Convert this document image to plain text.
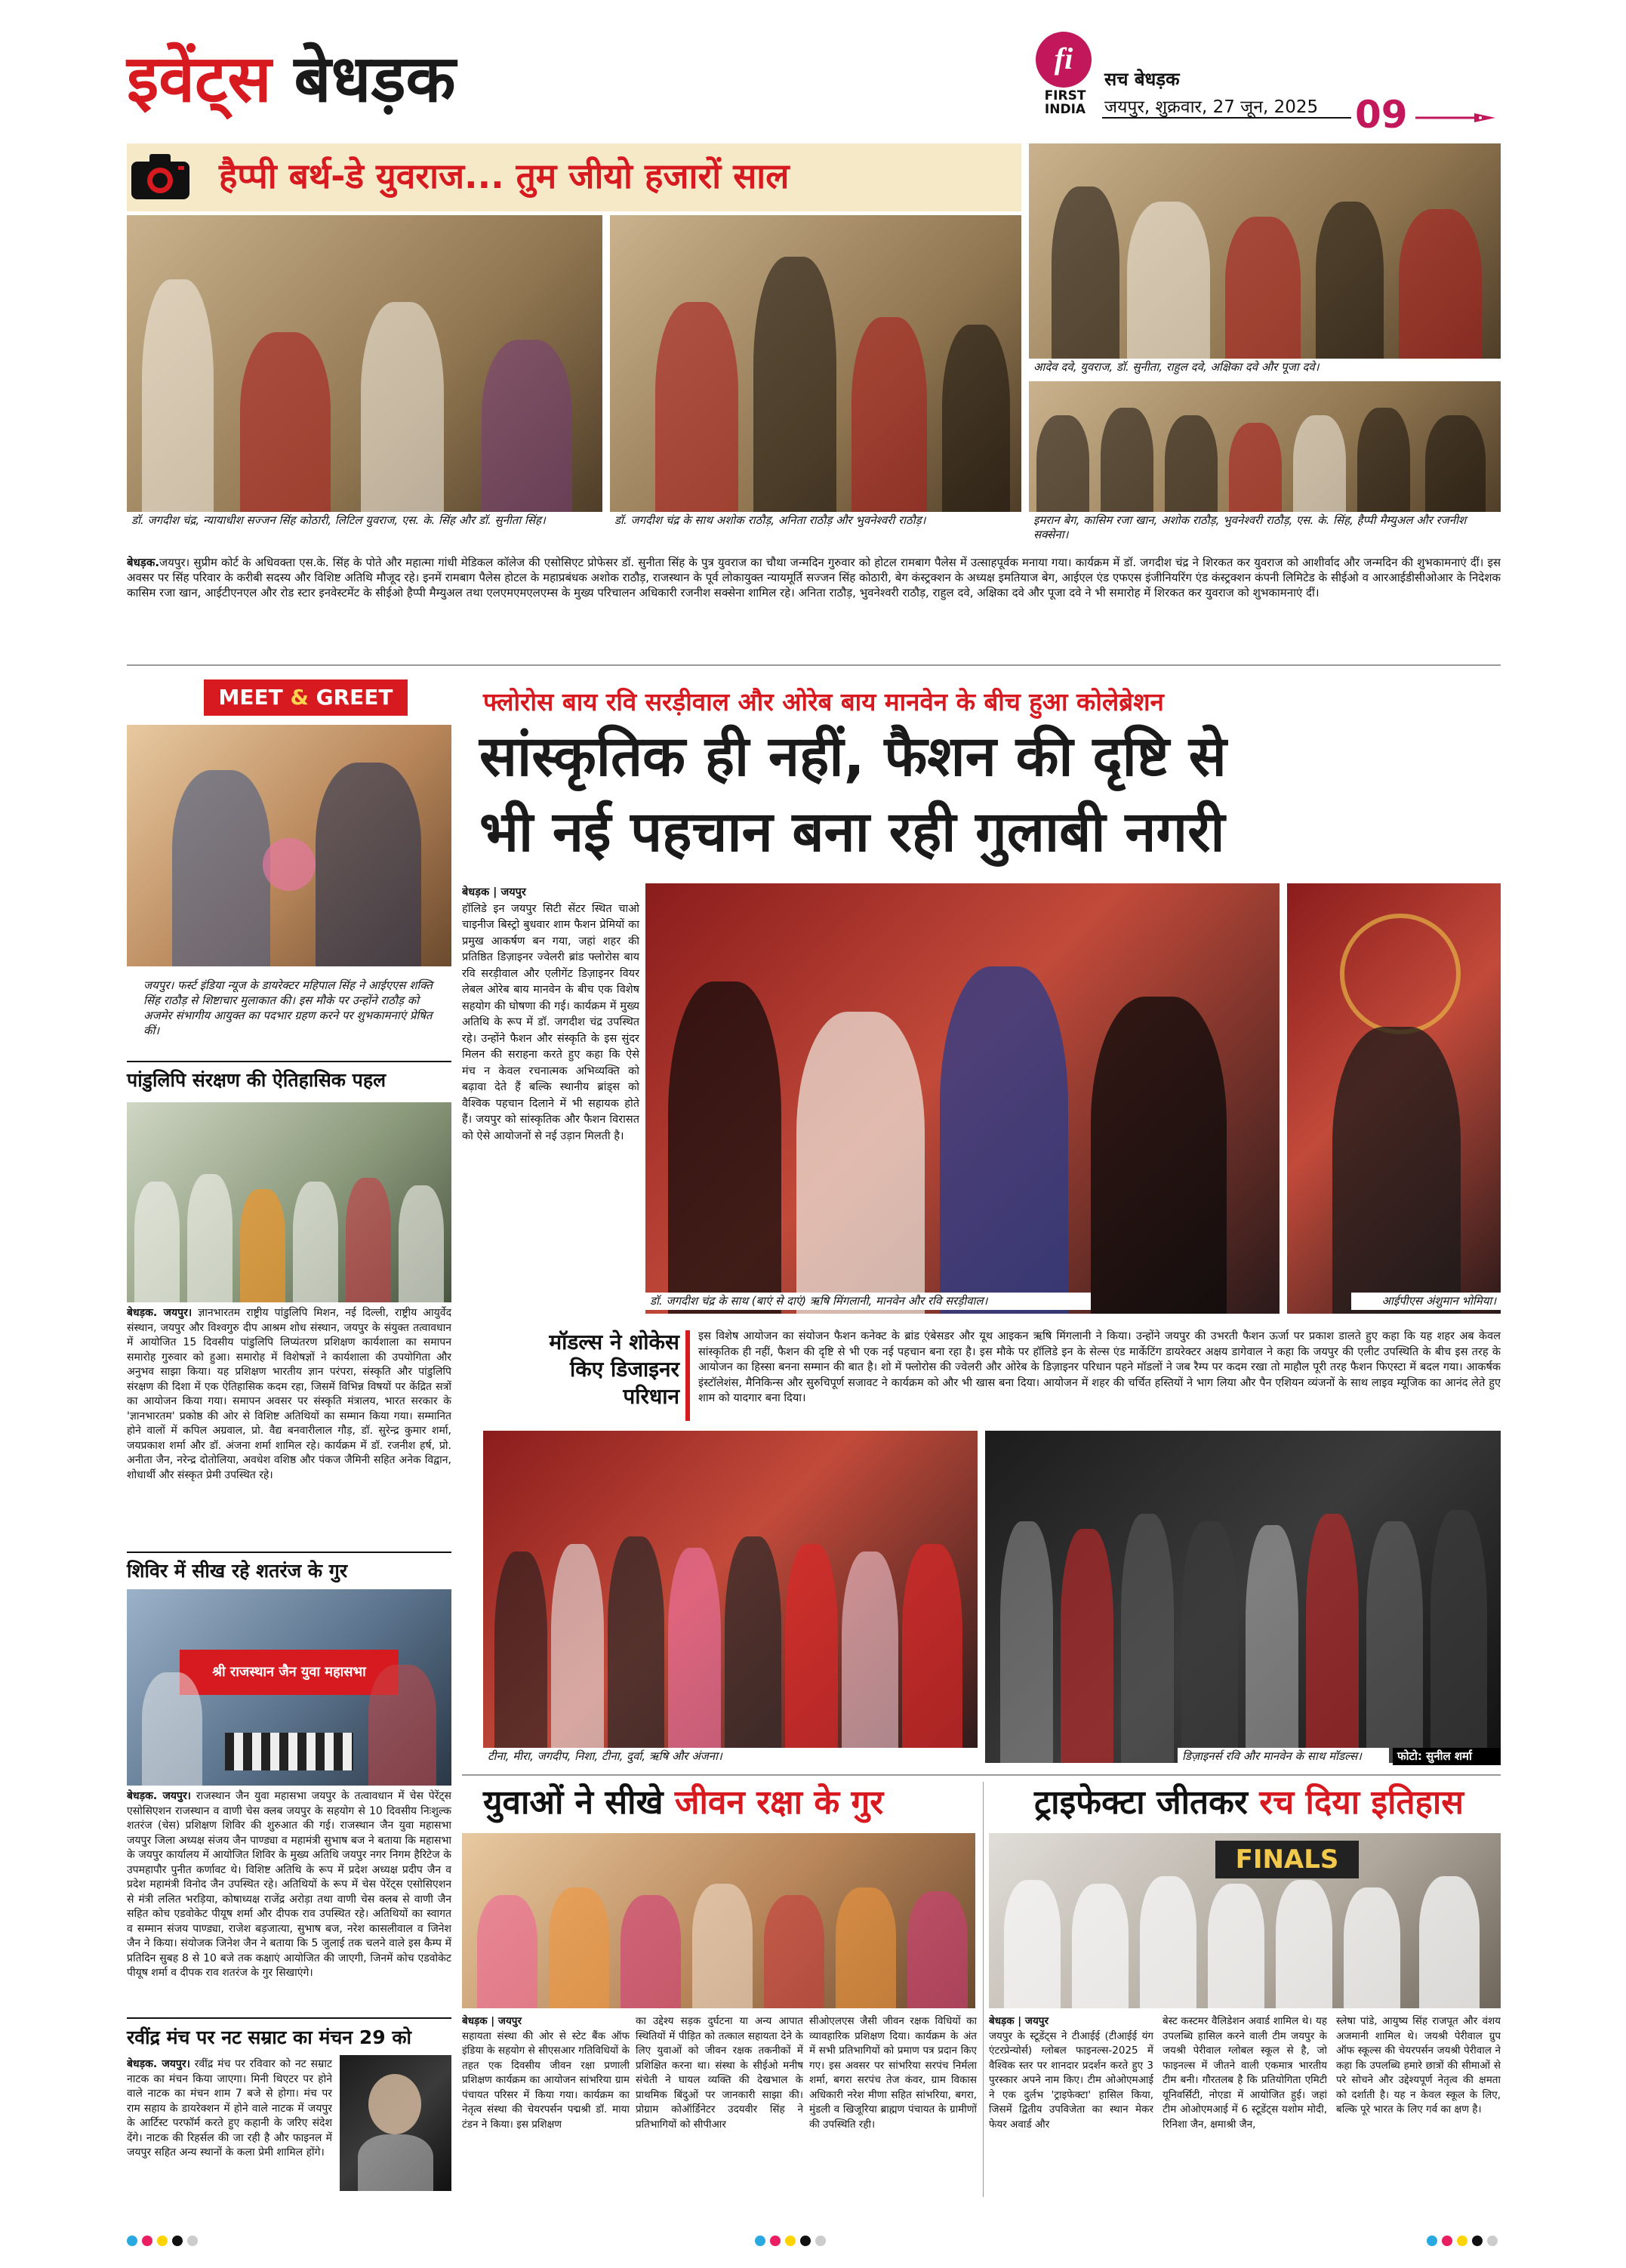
इवेंट्स बेधड़क	fi
FIRST
INDIA
सच बेधड़क
जयपुर, शुक्रवार, 27 जून, 2025 09
हैप्पी बर्थ-डे युवराज... तुम जीयो हजारों साल
डॉ. जगदीश चंद्र, न्यायाधीश सज्जन सिंह कोठारी, लिटिल युवराज, एस. के. सिंह और डॉ. सुनीता सिंह।	डॉ. जगदीश चंद्र के साथ अशोक राठौड़, अनिता राठौड़ और भुवनेश्वरी राठौड़।
आदेव दवे, युवराज, डॉ. सुनीता, राहुल दवे, अक्षिका दवे और पूजा दवे।
इमरान बेग, कासिम रजा खान, अशोक राठौड़, भुवनेश्वरी राठौड़, एस. के. सिंह, हैप्पी मैम्युअल और रजनीश सक्सेना।
बेधड़क.जयपुर। सुप्रीम कोर्ट के अधिवक्ता एस.के. सिंह के पोते और महात्मा गांधी मेडिकल कॉलेज की एसोसिएट प्रोफेसर डॉ. सुनीता सिंह के पुत्र युवराज का चौथा जन्मदिन गुरुवार को होटल रामबाग पैलेस में उत्साहपूर्वक मनाया गया। कार्यक्रम में डॉ. जगदीश चंद्र ने शिरकत कर युवराज को आशीर्वाद और जन्मदिन की शुभकामनाएं दीं। इस अवसर पर सिंह परिवार के करीबी सदस्य और विशिष्ट अतिथि मौजूद रहे। इनमें रामबाग पैलेस होटल के महाप्रबंधक अशोक राठौड़, राजस्थान के पूर्व लोकायुक्त न्यायमूर्ति सज्जन सिंह कोठारी, बेग कंस्ट्रक्शन के अध्यक्ष इमतियाज बेग, आईएल एंड एफएस इंजीनियरिंग एंड कंस्ट्रक्शन कंपनी लिमिटेड के सीईओ व आरआईडीसीओआर के निदेशक कासिम रजा खान, आईटीएनएल और रोड स्टार इनवेस्टमेंट के सीईओ हैप्पी मैम्युअल तथा एलएमएमएलएम्स के मुख्य परिचालन अधिकारी रजनीश सक्सेना शामिल रहे। अनिता राठौड़, भुवनेश्वरी राठौड़, राहुल दवे, अक्षिका दवे और पूजा दवे ने भी समारोह में शिरकत कर युवराज को शुभकामनाएं दीं।
MEET & GREET
जयपुर। फर्स्ट इंडिया न्यूज के डायरेक्टर महिपाल सिंह ने आईएएस शक्ति सिंह राठौड़ से शिष्टाचार मुलाकात की। इस मौके पर उन्होंने राठौड़ को अजमेर संभागीय आयुक्त का पदभार ग्रहण करने पर शुभकामनाएं प्रेषित कीं।
पांडुलिपि संरक्षण की ऐतिहासिक पहल
बेधड़क. जयपुर। ज्ञानभारतम राष्ट्रीय पांडुलिपि मिशन, नई दिल्ली, राष्ट्रीय आयुर्वेद संस्थान, जयपुर और विश्वगुरु दीप आश्रम शोध संस्थान, जयपुर के संयुक्त तत्वावधान में आयोजित 15 दिवसीय पांडुलिपि लिप्यंतरण प्रशिक्षण कार्यशाला का समापन समारोह गुरुवार को हुआ। समारोह में विशेषज्ञों ने कार्यशाला की उपयोगिता और अनुभव साझा किया। यह प्रशिक्षण भारतीय ज्ञान परंपरा, संस्कृति और पांडुलिपि संरक्षण की दिशा में एक ऐतिहासिक कदम रहा, जिसमें विभिन्न विषयों पर केंद्रित सत्रों का आयोजन किया गया। समापन अवसर पर संस्कृति मंत्रालय, भारत सरकार के 'ज्ञानभारतम' प्रकोष्ठ की ओर से विशिष्ट अतिथियों का सम्मान किया गया। सम्मानित होने वालों में कपिल अग्रवाल, प्रो. वैद्य बनवारीलाल गौड़, डॉ. सुरेन्द्र कुमार शर्मा, जयप्रकाश शर्मा और डॉ. अंजना शर्मा शामिल रहे। कार्यक्रम में डॉ. रजनीश हर्ष, प्रो. अनीता जैन, नरेन्द्र दोतोलिया, अवधेश वशिष्ठ और पंकज जैमिनी सहित अनेक विद्वान, शोधार्थी और संस्कृत प्रेमी उपस्थित रहे।
शिविर में सीख रहे शतरंज के गुर
श्री राजस्थान जैन युवा महासभा
बेधड़क. जयपुर। राजस्थान जैन युवा महासभा जयपुर के तत्वावधान में चेस पेरेंट्स एसोसिएशन राजस्थान व वाणी चेस क्लब जयपुर के सहयोग से 10 दिवसीय निःशुल्क शतरंज (चेस) प्रशिक्षण शिविर की शुरुआत की गई। राजस्थान जैन युवा महासभा जयपुर जिला अध्यक्ष संजय जैन पाण्ड्या व महामंत्री सुभाष बज ने बताया कि महासभा के जयपुर कार्यालय में आयोजित शिविर के मुख्य अतिथि जयपुर नगर निगम हैरिटेज के उपमहापौर पुनीत कर्णावट थे। विशिष्ट अतिथि के रूप में प्रदेश अध्यक्ष प्रदीप जैन व प्रदेश महामंत्री विनोद जैन उपस्थित रहे। अतिथियों के रूप में चेस पेरेंट्स एसोसिएशन से मंत्री ललित भरड़िया, कोषाध्यक्ष राजेंद्र अरोड़ा तथा वाणी चेस क्लब से वाणी जैन सहित कोच एडवोकेट पीयूष शर्मा और दीपक राव उपस्थित रहे। अतिथियों का स्वागत व सम्मान संजय पाण्ड्या, राजेश बड़जात्या, सुभाष बज, नरेश कासलीवाल व जिनेश जैन ने किया। संयोजक जिनेश जैन ने बताया कि 5 जुलाई तक चलने वाले इस कैम्प में प्रतिदिन सुबह 8 से 10 बजे तक कक्षाएं आयोजित की जाएगी, जिनमें कोच एडवोकेट पीयूष शर्मा व दीपक राव शतरंज के गुर सिखाएंगे।
रवींद्र मंच पर नट सम्राट का मंचन 29 को
बेधड़क. जयपुर। रवींद्र मंच पर रविवार को नट सम्राट नाटक का मंचन किया जाएगा। मिनी थिएटर पर होने वाले नाटक का मंचन शाम 7 बजे से होगा। मंच पर राम सहाय के डायरेक्शन में होने वाले नाटक में जयपुर के आर्टिस्ट परफॉर्म करते हुए कहानी के जरिए संदेश देंगे। नाटक की रिहर्सल की जा रही है और फाइनल में जयपुर सहित अन्य स्थानों के कला प्रेमी शामिल होंगे।
फ्लोरोस बाय रवि सरड़ीवाल और ओरेब बाय मानवेन के बीच हुआ कोलेब्रेशन
सांस्कृतिक ही नहीं, फैशन की दृष्टि से
भी नई पहचान बना रही गुलाबी नगरी
बेधड़क | जयपुर
हॉलिडे इन जयपुर सिटी सेंटर स्थित चाओ चाइनीज बिस्ट्रो बुधवार शाम फैशन प्रेमियों का प्रमुख आकर्षण बन गया, जहां शहर की प्रतिष्ठित डिज़ाइनर ज्वेलरी ब्रांड फ्लोरोस बाय रवि सरड़ीवाल और एलीगेंट डिज़ाइनर वियर लेबल ओरेब बाय मानवेन के बीच एक विशेष सहयोग की घोषणा की गई। कार्यक्रम में मुख्य अतिथि के रूप में डॉ. जगदीश चंद्र उपस्थित रहे। उन्होंने फैशन और संस्कृति के इस सुंदर मिलन की सराहना करते हुए कहा कि ऐसे मंच न केवल रचनात्मक अभिव्यक्ति को बढ़ावा देते हैं बल्कि स्थानीय ब्रांड्स को वैश्विक पहचान दिलाने में भी सहायक होते हैं। जयपुर को सांस्कृतिक और फैशन विरासत को ऐसे आयोजनों से नई उड़ान मिलती है।
डॉ. जगदीश चंद्र के साथ (बाएं से दाएं) ऋषि मिंगलानी, मानवेन और रवि सरड़ीवाल।	आईपीएस अंशुमान भोमिया।
मॉडल्स ने शोकेस
किए डिजाइनर
परिधान
इस विशेष आयोजन का संयोजन फैशन कनेक्ट के ब्रांड एंबेसडर और यूथ आइकन ऋषि मिंगलानी ने किया। उन्होंने जयपुर की उभरती फैशन ऊर्जा पर प्रकाश डालते हुए कहा कि यह शहर अब केवल सांस्कृतिक ही नहीं, फैशन की दृष्टि से भी एक नई पहचान बना रहा है। इस मौके पर हॉलिडे इन के सेल्स एंड मार्केटिंग डायरेक्टर अक्षय डागेवाल ने कहा कि जयपुर की एलीट उपस्थिति के बीच इस तरह के आयोजन का हिस्सा बनना सम्मान की बात है। शो में फ्लोरोस की ज्वेलरी और ओरेब के डिज़ाइनर परिधान पहने मॉडलों ने जब रैम्प पर कदम रखा तो माहौल पूरी तरह फैशन फिएस्टा में बदल गया। आकर्षक इंस्टॉलेशंस, मैनिकिन्स और सुरुचिपूर्ण सजावट ने कार्यक्रम को और भी खास बना दिया। आयोजन में शहर की चर्चित हस्तियों ने भाग लिया और पैन एशियन व्यंजनों के साथ लाइव म्यूजिक का आनंद लेते हुए शाम को यादगार बना दिया।
टीना, मीरा, जगदीप, निशा, टीना, दुर्वा, ऋषि और अंजना।	डिज़ाइनर्स रवि और मानवेन के साथ मॉडल्स।	फोटो: सुनील शर्मा
युवाओं ने सीखे जीवन रक्षा के गुर
बेधड़क | जयपुर
सहायता संस्था की ओर से स्टेट बैंक ऑफ इंडिया के सहयोग से सीएसआर गतिविधियों के तहत एक दिवसीय जीवन रक्षा प्रणाली प्रशिक्षण कार्यक्रम का आयोजन सांभरिया ग्राम पंचायत परिसर में किया गया। कार्यक्रम का नेतृत्व संस्था की चेयरपर्सन पद्मश्री डॉ. माया टंडन ने किया। इस प्रशिक्षण
का उद्देश्य सड़क दुर्घटना या अन्य आपात स्थितियों में पीड़ित को तत्काल सहायता देने के लिए युवाओं को जीवन रक्षक तकनीकों में प्रशिक्षित करना था। संस्था के सीईओ मनीष संचेती ने घायल व्यक्ति की देखभाल के प्राथमिक बिंदुओं पर जानकारी साझा की। प्रोग्राम कोऑर्डिनेटर उदयवीर सिंह ने प्रतिभागियों को सीपीआर
सीओएलएस जैसी जीवन रक्षक विधियों का व्यावहारिक प्रशिक्षण दिया। कार्यक्रम के अंत में सभी प्रतिभागियों को प्रमाण पत्र प्रदान किए गए। इस अवसर पर सांभरिया सरपंच निर्मला शर्मा, बगरा सरपंच तेज कंवर, ग्राम विकास अधिकारी नरेश मीणा सहित सांभरिया, बगरा, मुंडली व खिजूरिया ब्राह्मण पंचायत के ग्रामीणों की उपस्थिति रही।
ट्राइफेक्टा जीतकर रच दिया इतिहास
FINALS
बेधड़क | जयपुर
जयपुर के स्टूडेंट्स ने टीआईई (टीआईई यंग एंटरप्रेन्योर्स) ग्लोबल फाइनल्स-2025 में वैश्विक स्तर पर शानदार प्रदर्शन करते हुए 3 पुरस्कार अपने नाम किए। टीम ओओएमआई ने एक दुर्लभ 'ट्राइफेक्टा' हासिल किया, जिसमें द्वितीय उपविजेता का स्थान मेकर फेयर अवार्ड और
बेस्ट कस्टमर वैलिडेशन अवार्ड शामिल थे। यह उपलब्धि हासिल करने वाली टीम जयपुर के जयश्री पेरीवाल ग्लोबल स्कूल से है, जो फाइनल्स में जीतने वाली एकमात्र भारतीय टीम बनी। गौरतलब है कि प्रतियोगिता एमिटी यूनिवर्सिटी, नोएडा में आयोजित हुई। जहां टीम ओओएमआई में 6 स्टूडेंट्स यशोम मोदी, रिनिशा जैन, क्षमाश्री जैन,
स्लेषा पांडे, आयुष्य सिंह राजपूत और वंशय अजमानी शामिल थे। जयश्री पेरीवाल ग्रुप ऑफ स्कूल्स की चेयरपर्सन जयश्री पेरीवाल ने कहा कि उपलब्धि हमारे छात्रों की सीमाओं से परे सोचने और उद्देश्यपूर्ण नेतृत्व की क्षमता को दर्शाती है। यह न केवल स्कूल के लिए, बल्कि पूरे भारत के लिए गर्व का क्षण है।
